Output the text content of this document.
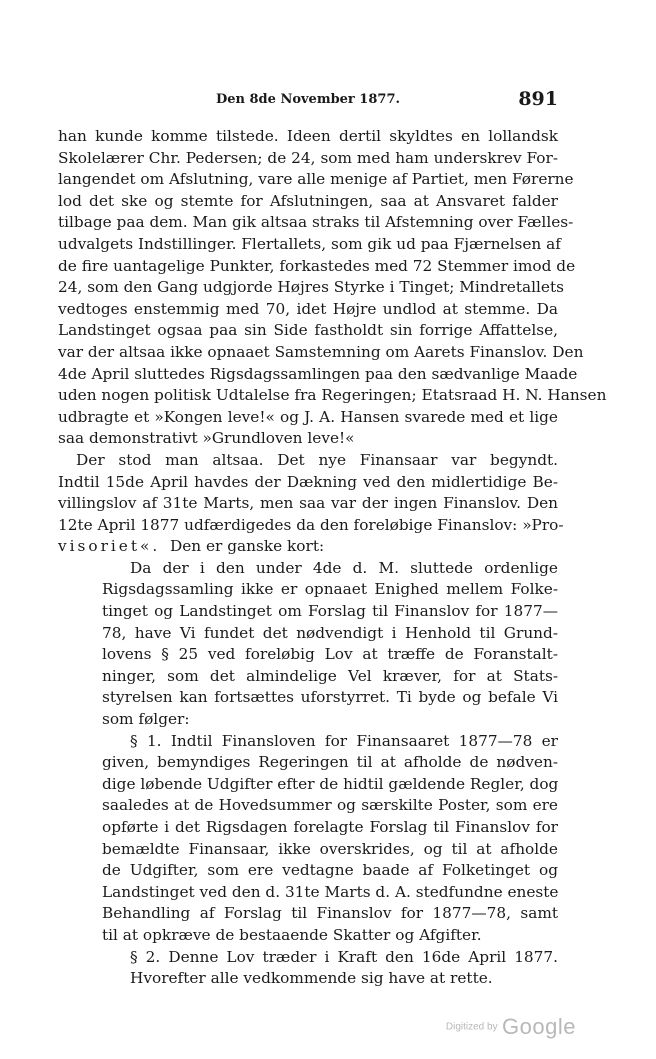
Den 8de November 1877.	891
han kunde komme tilstede. Ideen dertil skyldtes en lollandsk
Skolelærer Chr. Pedersen; de 24, som med ham underskrev For-
langendet om Afslutning, vare alle menige af Partiet, men Førerne
lod det ske og stemte for Afslutningen, saa at Ansvaret falder
tilbage paa dem. Man gik altsaa straks til Afstemning over Fælles-
udvalgets Indstillinger. Flertallets, som gik ud paa Fjærnelsen af
de fire uantagelige Punkter, forkastedes med 72 Stemmer imod de
24, som den Gang udgjorde Højres Styrke i Tinget; Mindretallets
vedtoges enstemmig med 70, idet Højre undlod at stemme. Da
Landstinget ogsaa paa sin Side fastholdt sin forrige Affattelse,
var der altsaa ikke opnaaet Samstemning om Aarets Finanslov. Den
4de April sluttedes Rigsdagssamlingen paa den sædvanlige Maade
uden nogen politisk Udtalelse fra Regeringen; Etatsraad H. N. Hansen
udbragte et »Kongen leve!« og J. A. Hansen svarede med et lige
saa demonstrativt »Grundloven leve!«
Der stod man altsaa. Det nye Finansaar var begyndt.
Indtil 15de April havdes der Dækning ved den midlertidige Be-
villingslov af 31te Marts, men saa var der ingen Finanslov. Den
12te April 1877 udfærdigedes da den foreløbige Finanslov: »Pro-
visoriet«. Den er ganske kort:
Da der i den under 4de d. M. sluttede ordenlige
Rigsdagssamling ikke er opnaaet Enighed mellem Folke-
tinget og Landstinget om Forslag til Finanslov for 1877—
78, have Vi fundet det nødvendigt i Henhold til Grund-
lovens § 25 ved foreløbig Lov at træffe de Foranstalt-
ninger, som det almindelige Vel kræver, for at Stats-
styrelsen kan fortsættes uforstyrret. Ti byde og befale Vi
som følger:
§ 1. Indtil Finansloven for Finansaaret 1877—78 er
given, bemyndiges Regeringen til at afholde de nødven-
dige løbende Udgifter efter de hidtil gældende Regler, dog
saaledes at de Hovedsummer og særskilte Poster, som ere
opførte i det Rigsdagen forelagte Forslag til Finanslov for
bemældte Finansaar, ikke overskrides, og til at afholde
de Udgifter, som ere vedtagne baade af Folketinget og
Landstinget ved den d. 31te Marts d. A. stedfundne eneste
Behandling af Forslag til Finanslov for 1877—78, samt
til at opkræve de bestaaende Skatter og Afgifter.
§ 2. Denne Lov træder i Kraft den 16de April 1877.
Hvorefter alle vedkommende sig have at rette.
Digitized by Google
